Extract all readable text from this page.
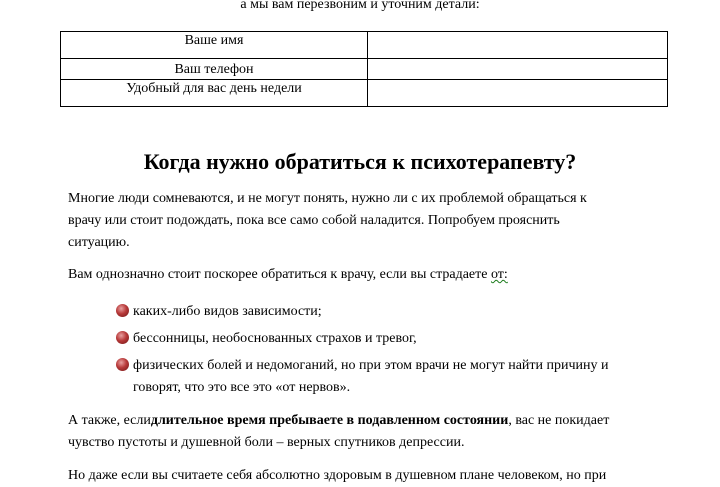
а мы вам перезвоним и уточним детали:
Ваше имя	
Ваш телефон	
Удобный для вас день недели	
Когда нужно обратиться к психотерапевту?
Многие люди сомневаются, и не могут понять, нужно ли с их проблемой обращаться к
врачу или стоит подождать, пока все само собой наладится. Попробуем прояснить
ситуацию.
Вам однозначно стоит поскорее обратиться к врачу, если вы страдаете от:
каких-либо видов зависимости;
бессонницы, необоснованных страхов и тревог,
физических болей и недомоганий, но при этом врачи не могут найти причину и
говорят, что это все это «от нервов».
А также, еслидлительное время пребываете в подавленном состоянии, вас не покидает
чувство пустоты и душевной боли – верных спутников депрессии.
Но даже если вы считаете себя абсолютно здоровым в душевном плане человеком, но при
